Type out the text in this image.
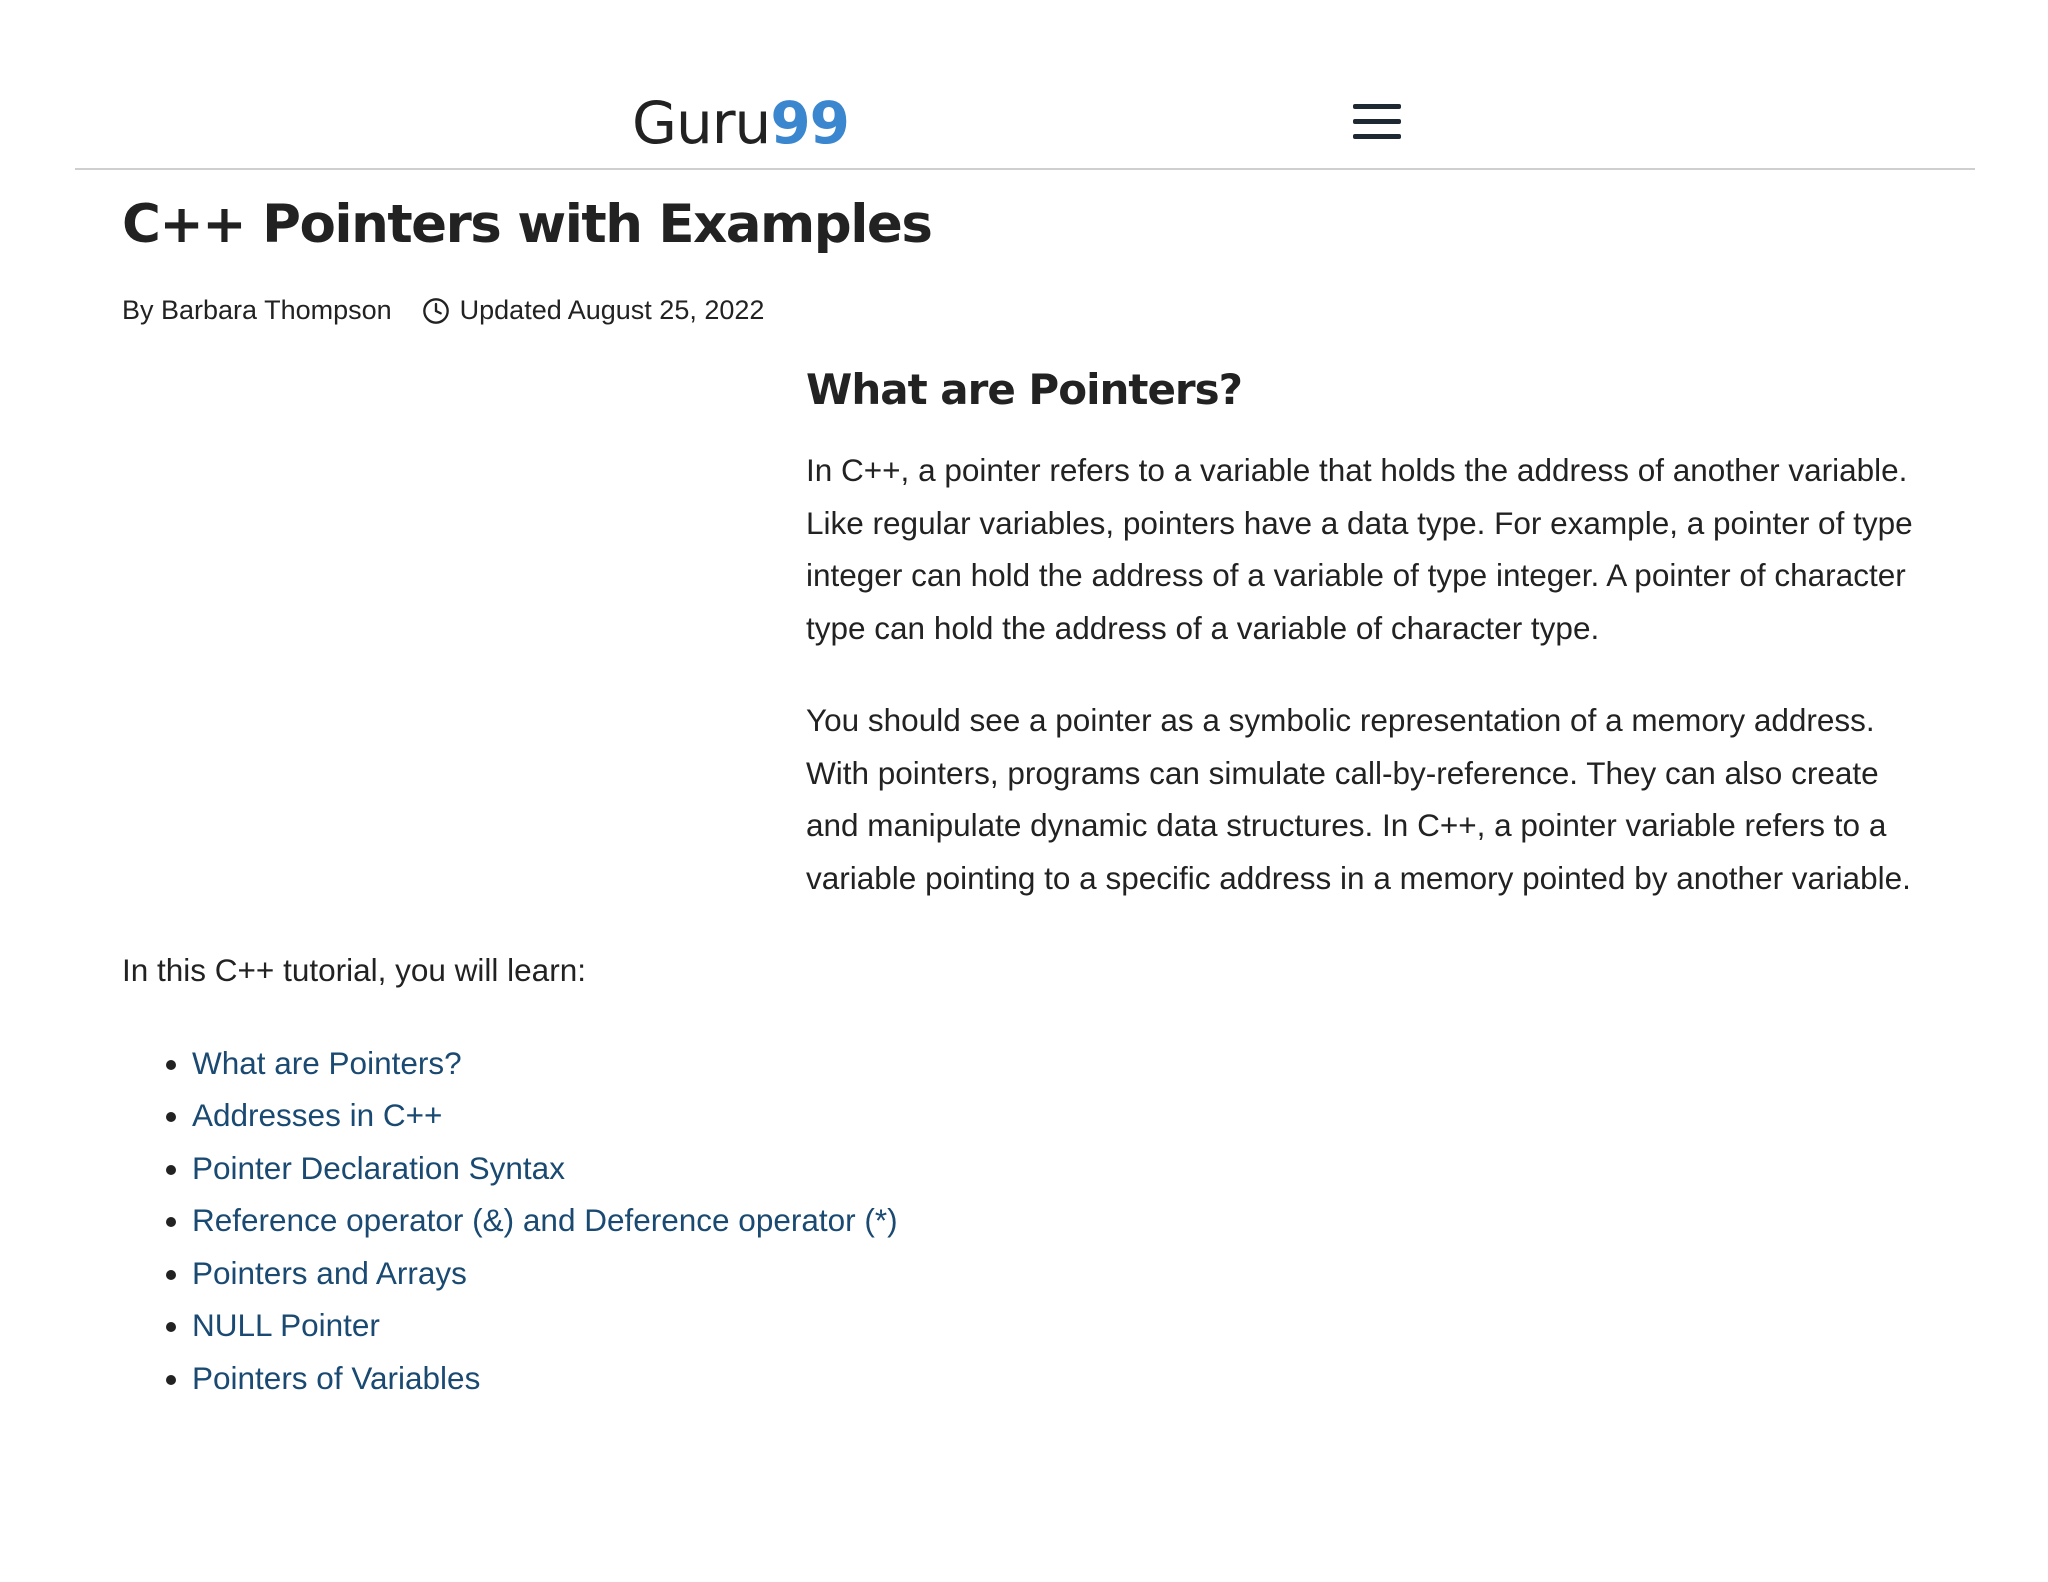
Guru99
C++ Pointers with Examples
By Barbara Thompson	Updated August 25, 2022
What are Pointers?

In C++, a pointer refers to a variable that holds the address of another variable. Like regular variables, pointers have a data type. For example, a pointer of type integer can hold the address of a variable of type integer. A pointer of character type can hold the address of a variable of character type.

You should see a pointer as a symbolic representation of a memory address. With pointers, programs can simulate call-by-reference. They can also create and manipulate dynamic data structures. In C++, a pointer variable refers to a variable pointing to a specific address in a memory pointed by another variable.

In this C++ tutorial, you will learn:

• What are Pointers?
• Addresses in C++
• Pointer Declaration Syntax
• Reference operator (&) and Deference operator (*)
• Pointers and Arrays
• NULL Pointer
• Pointers of Variables
